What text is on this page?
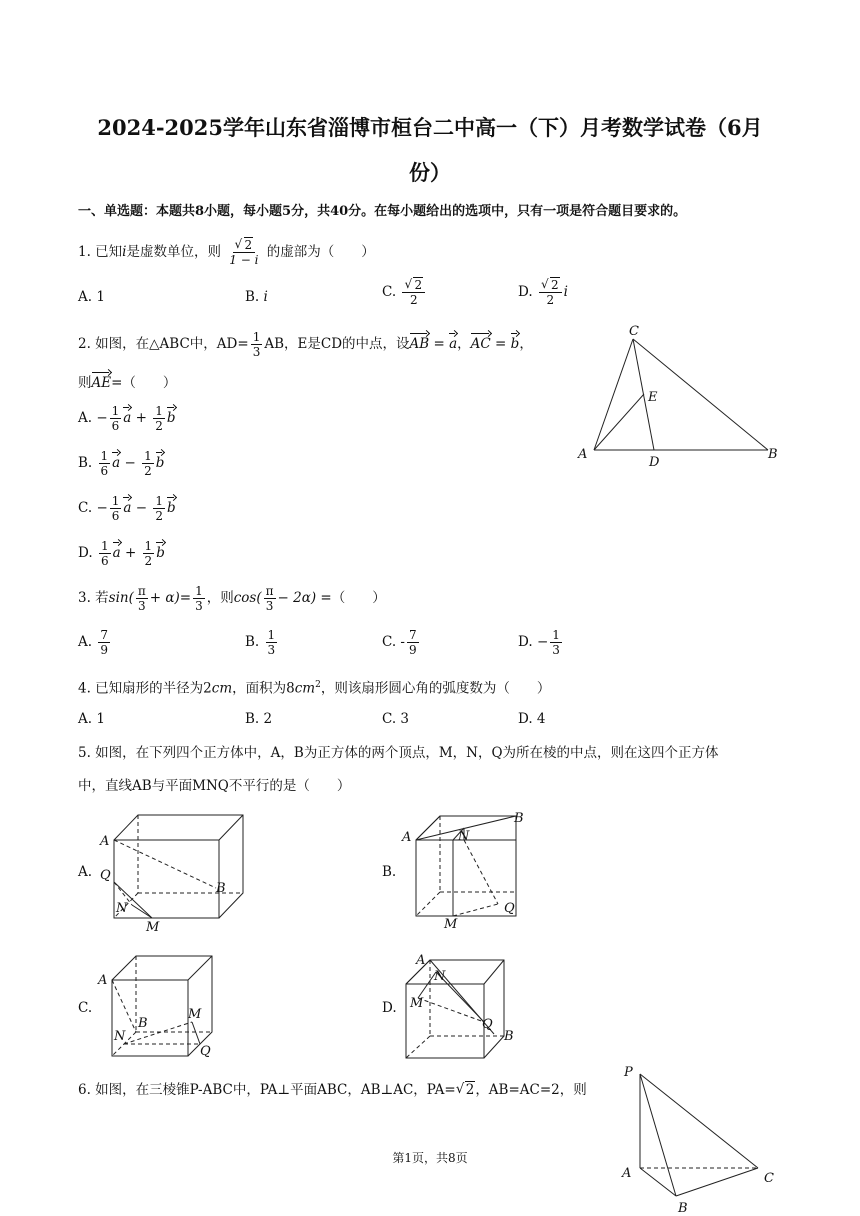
2024-2025学年山东省淄博市桓台二中高一（下）月考数学试卷（6月
份）
一、单选题：本题共8小题，每小题5分，共40分。在每小题给出的选项中，只有一项是符合题目要求的。
1. 已知i是虚数单位，则 √ $\frac{2}{1 - i}$ 的虚部为（　　）
A. 1	B. i	C. √ $\frac{2}{2}$	D. √ $\frac{2}{2}$ i
2. 如图，在△ABC中，$AD= \frac{1}{3}$ AB，E是CD的中点，设AB = a，AC = b，
则AE=（　　）
A. − $\frac{1}{6}$ $a + \frac{1}{2}$ b
B. $\frac{1}{6}$ $a - \frac{1}{2}$ b
C. − $\frac{1}{6}$ $a - \frac{1}{2}$ b
D. $\frac{1}{6}$ $a + \frac{1}{2}$ b
A
C
B
D
E
3. 若$\sin( \frac{\pi}{3} + \alpha)= \frac{1}{3}$ ，则$\cos( \frac{\pi}{3} - 2\alpha)$ =（　　）
A. $\frac{7}{9}$	B. $\frac{1}{3}$	C. - $\frac{7}{9}$	D. − $\frac{1}{3}$
4. 已知扇形的半径为2cm，面积为$8cm^2$，则该扇形圆心角的弧度数为（　　）
A. 1	B. 2	C. 3	D. 4
5. 如图，在下列四个正方体中，A，B为正方体的两个顶点，M，N，Q为所在棱的中点，则在这四个正方体
中，直线AB与平面MNQ不平行的是（　　）
A.	B.
C.	D.
A
B
Q
N
M
A
B
N
Q
M
A
B
M
N
Q
A
N
M
Q
B
6. 如图，在三棱锥P-ABC中，PA⊥平面ABC，AB⊥AC，PA= √ 2，AB=AC=2，则
P
A	C
B
第1页，共8页
